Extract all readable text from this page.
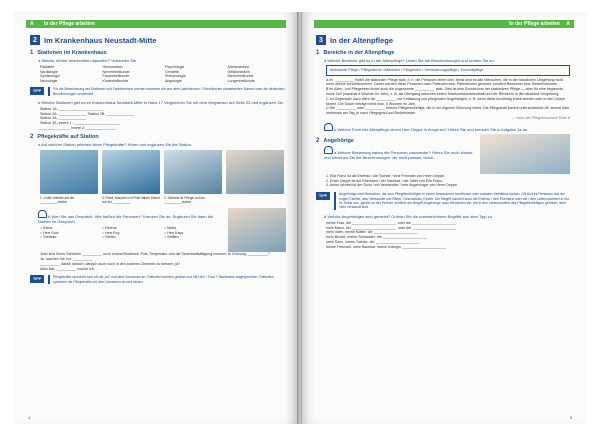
A In der Pflege arbeiten
2 Im Krankenhaus Neustadt-Mitte
1 Stationen im Krankenhaus
a Welche Wörter beschreiben dasselbe? Verbinden Sie.
Pädiatrie	Herzmedizin	Psychologie	Altersmedizin
Kardiologie	Nervenheilkunde	Geriatrie	Gefäßmedizin
Gynäkologie	Frauenheilkunde	Pneumologie	Nierenheilkunde
Neurologie	Kinderheilkunde	Angiologie	Lungenheilkunde
TIPP	Für die Bezeichnung der Stationen und Fachbereiche werden entweder die aus dem Lateinischen / Griechischen stammenden Namen oder die deutschen Bezeichnungen verwendet.
b Welche Stationen gibt es im Krankenhaus Neustadt-Mitte in Haus 1? Vergleichen Sie mit dem Wegweiser auf Seite 23 und ergänzen Sie.
Station 1A: _______________________
Station 2A: ______________ Station 2B: ______________
Station 3A: ______________
Station 3A, innere 1: _______________________
_______________ innere 2: _______________
2 Pflegekräfte auf Station
a Auf welcher Station arbeiten diese Pflegekräfte? Hören und ergänzen Sie die Station.
1. Judith arbeitet auf der __________station.
3. Petra, Maryam und Phat haben Dienst auf der __________
2. Stefanie ist Pfleger auf der __________station.
b Wen Sie das Gespräch. Wie heißen die Personen? Kreuzen Sie an. Ergänzen Sie dann die Namen im Gespräch.
○ Elena	○ Helena	○ Maria
○ Herr Gutz	○ Herr Roy	○ Herr Kays
○ Stefanie	○ Stefan	○ Steffen
Jetzt sind Ihnen Schülerin __________ noch einmal Blutdruck, Puls, Temperatur und die Sauerstoffsättigung messen. In Ordnung, __________?
Ja, machen Sie nur. __________
__________ danke danach, danach auch noch in den anderen Zimmern zu messen, ja?
Alles klar, __________ mache ich.
TIPP	Pflegekräfte sprechen sich oft mit „du“ und dem Vornamen an. Patienten werden gesiezt und mit Herr / Frau + Nachname angesprochen. Patienten sprechen die Pflegekräfte mit dem Vornamen an und siezen.
4
In der Pflege arbeiten A
3 In der Altenpflege
1 Bereiche in der Altenpflege
a Welche Bereiche gibt es in der Altenpflege? Lesen Sie die Beschreibungen und ordnen Sie zu.
Ambulante Pflege / Pflegedienst • Altenheim / Pflegeheim • Verhinderungspflege • Kurzzeitpflege
A Im __________ findet die stationäre Pflege statt, d. h. die Personen leben dort. Meist sind es alte Menschen, die in der häuslichen Umgebung nicht mehr alleine zurechtkommen. Daher werden diese Personen nach Patienten bzw. Patientinnen genannt, sondern Bewohner bzw. Bewohnerinnen.
B Im Alten- und Pflegeheim findet auch die sogenannte __________ statt. Dies ist eine Sonderform der stationären Pflege — aber für eine begrenzte, kurze Zeit (maximal 8 Wochen im Jahr), z. B. als Übergang zwischen einem Krankenhausaufenthalt und der Rückkehr in die häusliche Umgebung.
C Im Gegensatz dazu dient die __________ zur Entlastung von pflegenden Angehörigen, z. B. wenn diese kurzfristig krank werden oder in den Urlaub fahren. Die Dauer beträgt meist max. 6 Wochen im Jahr.
D Die __________ oder __________ betreut Pflegebedürftige, die in der eigenen Wohnung leben. Die Pflegekraft kommt unterschiedlich oft, einmal oder mehrmals am Tag, je nach Pflegegrad und Bedürfnissen.
— Nach der Pflegebroschüre Seite 8
b Welche Form der Altenpflege nimmt Herr Deppe in Anspruch? Hören Sie und kreuzen Sie in Aufgabe 1a an.
2 Angehörige
a Welche Beziehung haben die Personen zueinander? Hören Sie noch einmal und streichen Sie die Bezeichnungen, die nicht passen, durch.
1. Ella Franz ist die Ehefrau / die Tochter / eine Freundin von Herrn Deppe.
2. Erwin Deppe ist der Ehemann / der Nachbar / der Vater von Ella Franz.
3. Anton Wrobel ist der Sohn / ein Verwandter / kein Angehöriger von Herrn Deppe.
TIPP	Angehörige sind Menschen, die zum Pflegebedürftigen in einem besonderen rechtlichen oder sozialen Verhältnis stehen. Oft sind es Personen aus der engen Familie, also Verwandte wie Eltern, Geschwister, Kinder. Der Begriff schließt auch die Ehefrau / den Ehemann oder die / den Lebenspartner/-in ein. Im Sinne von „gehört zu der Person“ schließt der Begriff Angehörige auch Menschen ein, die in den Lebensumfeld des Pflegebedürftigen gehören, aber nicht verwandt sind.
b Welche Angehörigen sind gemeint? Ordnen Sie die unterstrichenen Begriffe aus dem Tipp zu.
meine Frau, die ______________________ oder die ______________________
mein Mann, der ______________________ oder der ______________________
mein Vater, meine Mutter: die ______________________
mein Bruder, meine Schwester: die ______________________
mein Sohn, meine Tochter: die ______________________
meine Freundin, mein Nachbar, meine Kollegin, ______________________
5
